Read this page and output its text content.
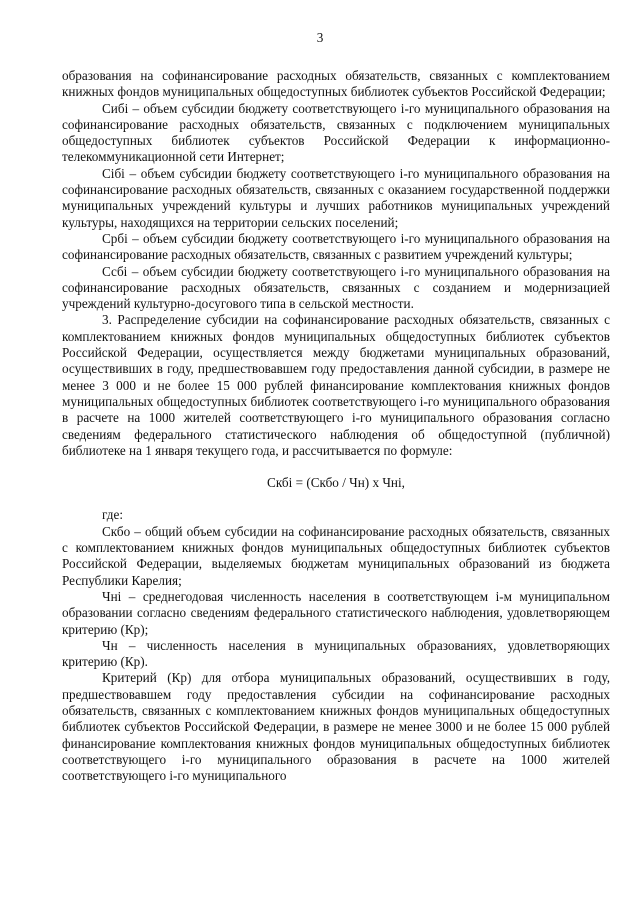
3

образования на софинансирование расходных обязательств, связанных с комплектованием книжных фондов муниципальных общедоступных библиотек субъектов Российской Федерации;

Сибi – объем субсидии бюджету соответствующего i-го муниципального образования на софинансирование расходных обязательств, связанных с подключением муниципальных общедоступных библиотек субъектов Российской Федерации к информационно-телекоммуникационной сети Интернет;

Сiбi – объем субсидии бюджету соответствующего i-го муниципального образования на софинансирование расходных обязательств, связанных с оказанием государственной поддержки муниципальных учреждений культуры и лучших работников муниципальных учреждений культуры, находящихся на территории сельских поселений;

Србi – объем субсидии бюджету соответствующего i-го муниципального образования на софинансирование расходных обязательств, связанных с развитием учреждений культуры;

Ссбi – объем субсидии бюджету соответствующего i-го муниципального образования на софинансирование расходных обязательств, связанных с созданием и модернизацией учреждений культурно-досугового типа в сельской местности.

3. Распределение субсидии на софинансирование расходных обязательств, связанных с комплектованием книжных фондов муниципальных общедоступных библиотек субъектов Российской Федерации, осуществляется между бюджетами муниципальных образований, осуществивших в году, предшествовавшем году предоставления данной субсидии, в размере не менее 3 000 и не более 15 000 рублей финансирование комплектования книжных фондов муниципальных общедоступных библиотек соответствующего i-го муниципального образования в расчете на 1000 жителей соответствующего i-го муниципального образования согласно сведениям федерального статистического наблюдения об общедоступной (публичной) библиотеке на 1 января текущего года, и рассчитывается по формуле:

Скбi = (Скбо / Чн) х Чнi,

где:

Скбо – общий объем субсидии на софинансирование расходных обязательств, связанных с комплектованием книжных фондов муниципальных общедоступных библиотек субъектов Российской Федерации, выделяемых бюджетам муниципальных образований из бюджета Республики Карелия;

Чнi – среднегодовая численность населения в соответствующем i-м муниципальном образовании согласно сведениям федерального статистического наблюдения, удовлетворяющем критерию (Кр);

Чн – численность населения в муниципальных образованиях, удовлетворяющих критерию (Кр).

Критерий (Кр) для отбора муниципальных образований, осуществивших в году, предшествовавшем году предоставления субсидии на софинансирование расходных обязательств, связанных с комплектованием книжных фондов муниципальных общедоступных библиотек субъектов Российской Федерации, в размере не менее 3000 и не более 15 000 рублей финансирование комплектования книжных фондов муниципальных общедоступных библиотек соответствующего i-го муниципального образования в расчете на 1000 жителей соответствующего i-го муниципального
